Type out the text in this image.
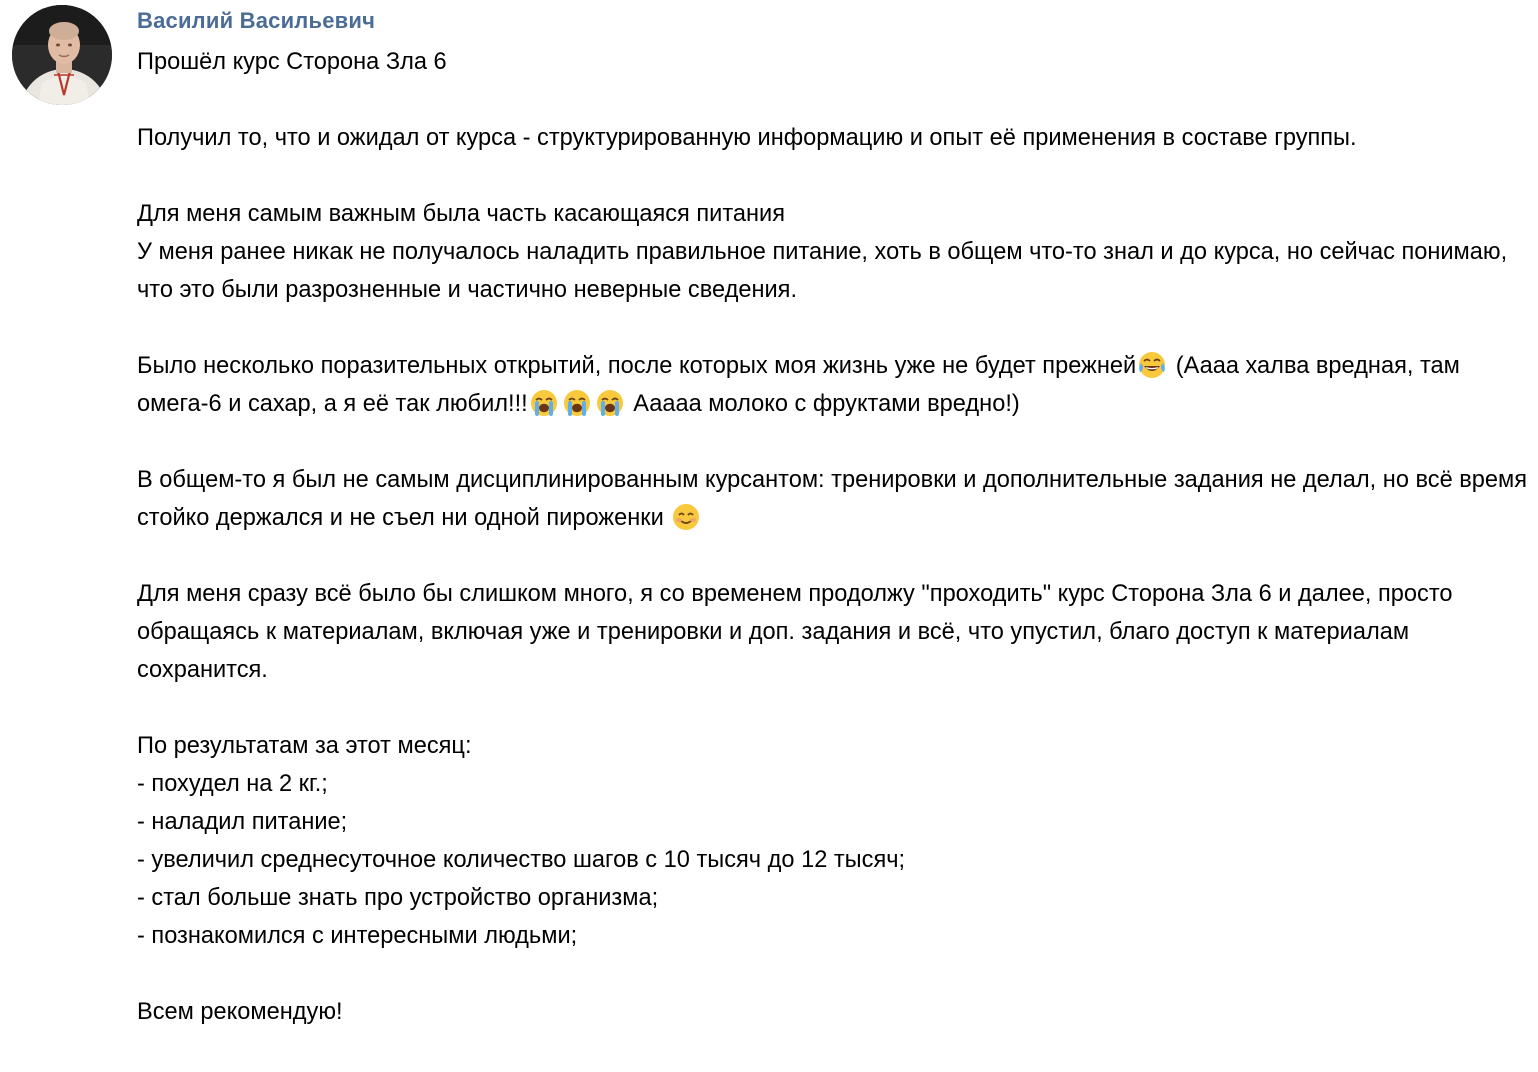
Василий Васильевич

Прошёл курс Сторона Зла 6

Получил то, что и ожидал от курса - структурированную информацию и опыт её применения в составе группы.

Для меня самым важным была часть касающаяся питания

У меня ранее никак не получалось наладить правильное питание, хоть в общем что-то знал и до курса, но сейчас понимаю, что это были разрозненные и частично неверные сведения.

Было несколько поразительных открытий, после которых моя жизнь уже не будет прежней
(Аааа халва вредная, там омега-6 и сахар, а я её так любил!!!	Ааааа молоко с фруктами вредно!)

В общем-то я был не самым дисциплинированным курсантом: тренировки и дополнительные задания не делал, но всё время стойко держался и не съел ни одной пироженки

Для меня сразу всё было бы слишком много, я со временем продолжу "проходить" курс Сторона Зла 6 и далее, просто обращаясь к материалам, включая уже и тренировки и доп. задания и всё, что упустил, благо доступ к материалам сохранится.

По результатам за этот месяц:

- похудел на 2 кг.;

- наладил питание;

- увеличил среднесуточное количество шагов с 10 тысяч до 12 тысяч;

- стал больше знать про устройство организма;

- познакомился с интересными людьми;

Всем рекомендую!
